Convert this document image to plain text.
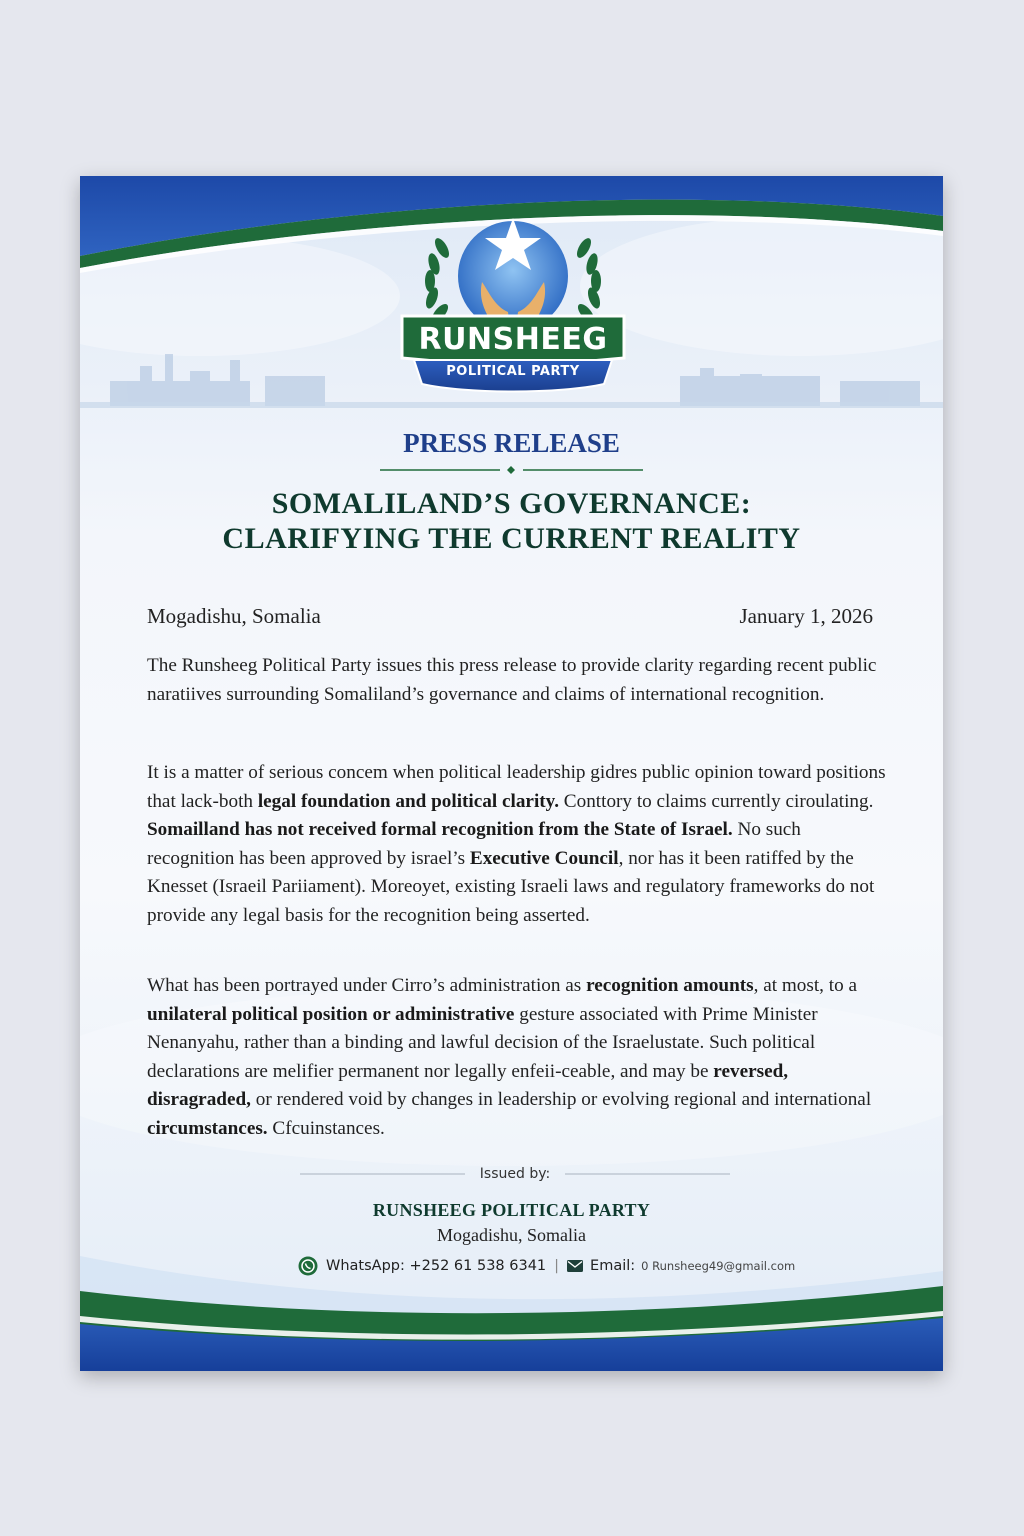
RUNSHEEG
POLITICAL PARTY
PRESS RELEASE
SOMALILAND’S GOVERNANCE:
CLARIFYING THE CURRENT REALITY
Mogadishu, Somalia	January 1, 2026
The Runsheeg Political Party issues this press release to provide clarity regarding recent public naratiives surrounding Somaliland’s governance and claims of international recognition.
It is a matter of serious concem when political leadership gidres public opinion toward positions that lack-both legal foundation and political clarity. Conttory to claims currently ciroulating. Somailland has not received formal recognition from the State of Israel. No such recognition has been approved by israel’s Executive Council, nor has it been ratiffed by the Knesset (Israeil Pariiament). Moreoyet, existing Israeli laws and regulatory frameworks do not provide any legal basis for the recognition being asserted.
What has been portrayed under Cirro’s administration as recognition amounts, at most, to a unilateral political position or administrative gesture associated with Prime Minister Nenanyahu, rather than a binding and lawful decision of the Israelustate. Such political declarations are melifier permanent nor legally enfeii-ceable, and may be reversed, disragraded, or rendered void by changes in leadership or evolving regional and international circumstances. Cfcuinstances.
Issued by:
RUNSHEEG POLITICAL PARTY
Mogadishu, Somalia
WhatsApp: +252 61 538 6341 | Email: 0 Runsheeg49@gmail.com
